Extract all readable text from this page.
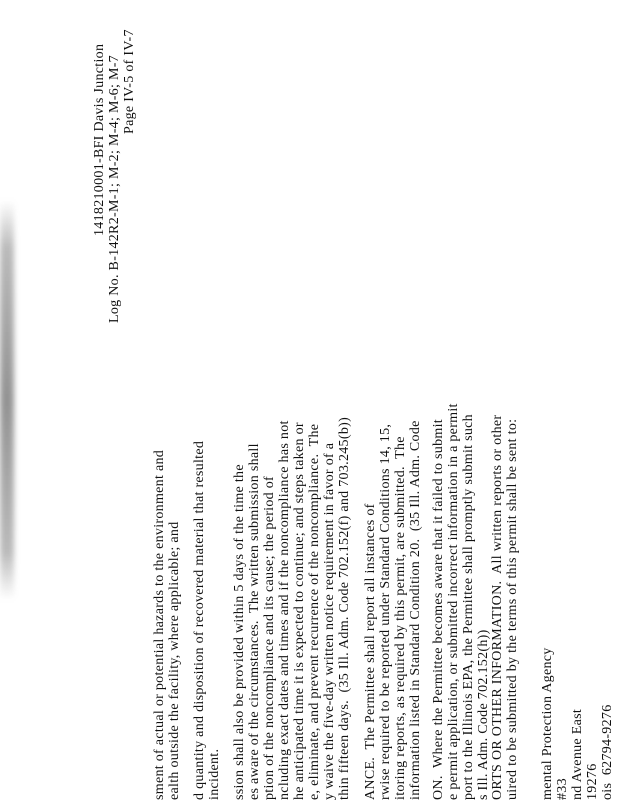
1418210001-BFI Davis Junction Log No. B-142R2-M-1; M-2; M-4; M-6; M-7 Page IV-5 of IV-7
sment of actual or potential hazards to the environment and ealth outside the facility, where applicable; and d quantity and disposition of recovered material that resulted incident. ssion shall also be provided within 5 days of the time the es aware of the circumstances.  The written submission shall ption of the noncompliance and its cause; the period of ncluding exact dates and times and if the noncompliance has not he anticipated time it is expected to continue; and steps taken or e, eliminate, and prevent recurrence of the noncompliance.  The y waive the five-day written notice requirement in favor of a thin fifteen days.  (35 Ill. Adm. Code 702.152(f) and 703.245(b)) ANCE.  The Permittee shall report all instances of rwise required to be reported under Standard Conditions 14, 15, itoring reports, as required by this permit, are submitted.  The information listed in Standard Condition 20.  (35 Ill. Adm. Code ON.  Where the Permittee becomes aware that it failed to submit e permit application, or submitted incorrect information in a permit port to the Illinois EPA, the Permittee shall promptly submit such s Ill. Adm. Code 702.152(h)) ORTS OR OTHER INFORMATION.  All written reports or other uired to be submitted by the terms of this permit shall be sent to: mental Protection Agency #33 nd Avenue East 19276 ois  62794-9276
